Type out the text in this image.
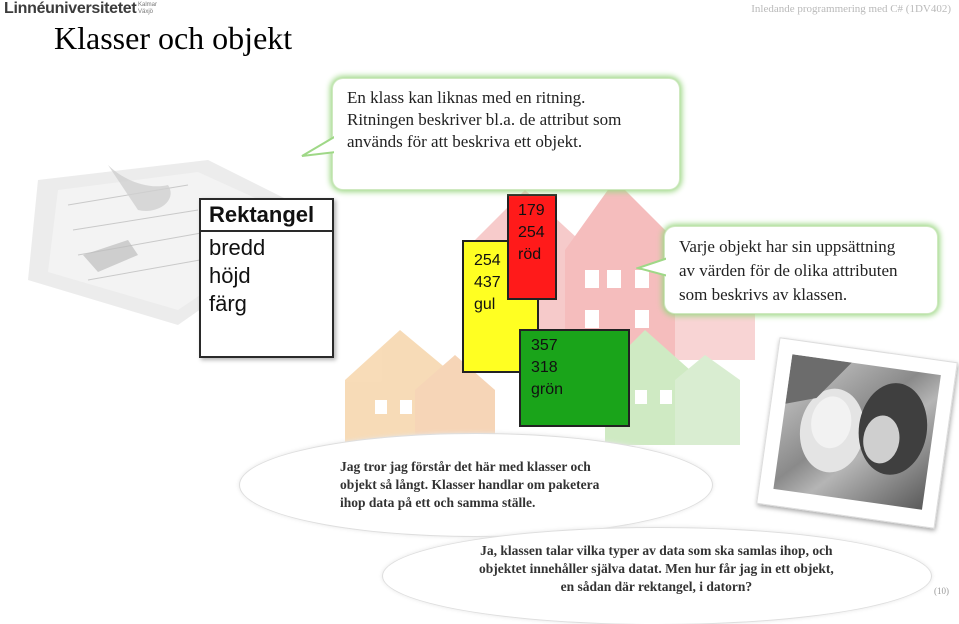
Linnéuniversitetet Kalmar Växjö	Inledande programmering med C# (1DV402)
Klasser och objekt
Rektangel
bredd
höjd
färg
254
437
gul
179
254
röd
357
318
grön
En klass kan liknas med en ritning.
Ritningen beskriver bl.a. de attribut som
används för att beskriva ett objekt.
Varje objekt har sin uppsättning
av värden för de olika attributen
som beskrivs av klassen.
Jag tror jag förstår det här med klasser och
objekt så långt. Klasser handlar om paketera
ihop data på ett och samma ställe.
Ja, klassen talar vilka typer av data som ska samlas ihop, och
objektet innehåller själva datat. Men hur får jag in ett objekt,
en sådan där rektangel, i datorn?	(10)
